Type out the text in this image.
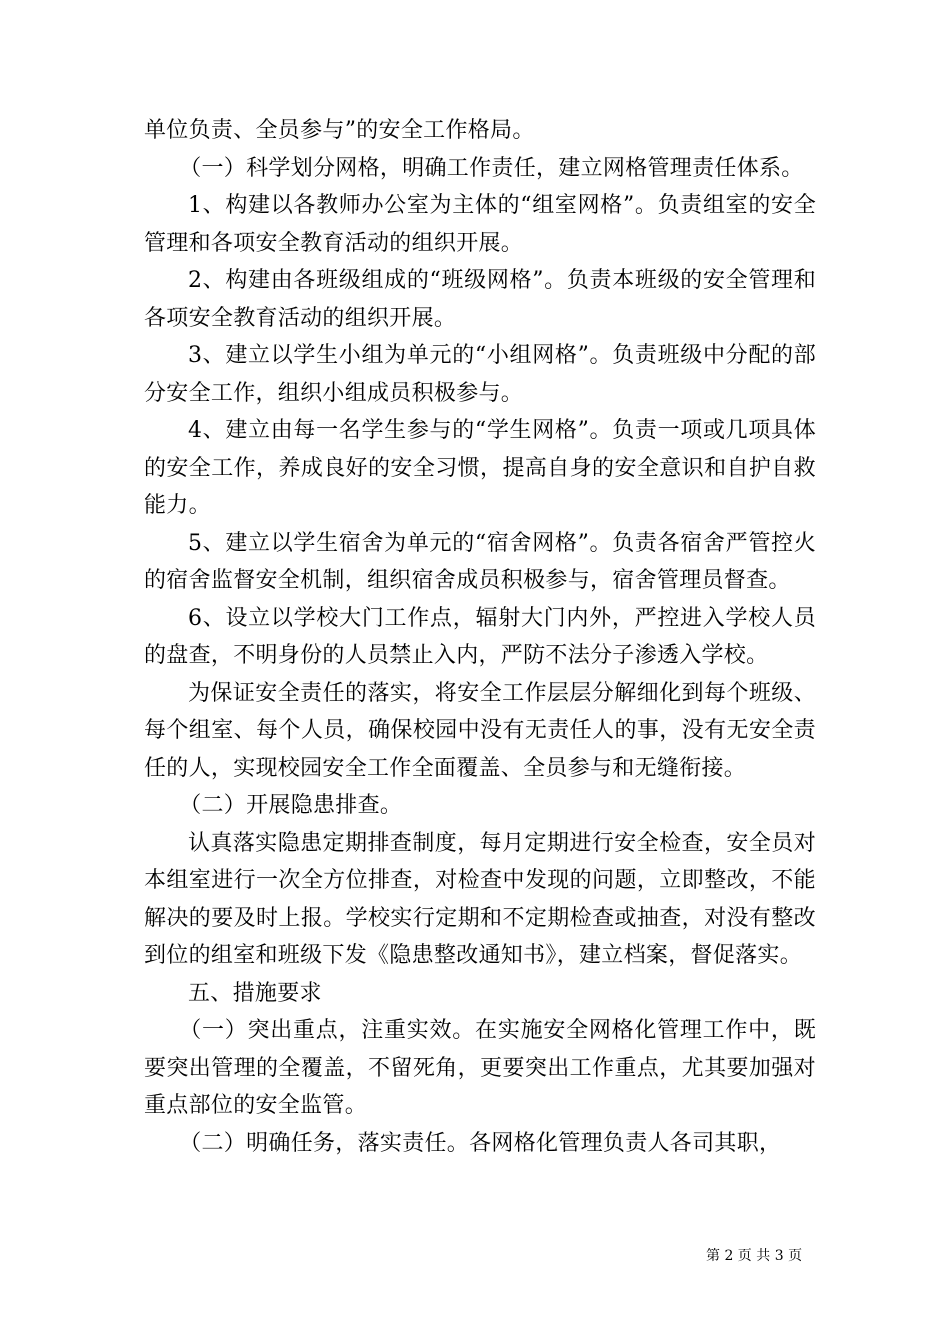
单位负责、全员参与”的安全工作格局。

（一）科学划分网格，明确工作责任，建立网格管理责任体系。

1、构建以各教师办公室为主体的“组室网格”。负责组室的安全管理和各项安全教育活动的组织开展。

2、构建由各班级组成的“班级网格”。负责本班级的安全管理和各项安全教育活动的组织开展。

3、建立以学生小组为单元的“小组网格”。负责班级中分配的部分安全工作，组织小组成员积极参与。

4、建立由每一名学生参与的“学生网格”。负责一项或几项具体的安全工作，养成良好的安全习惯，提高自身的安全意识和自护自救能力。

5、建立以学生宿舍为单元的“宿舍网格”。负责各宿舍严管控火的宿舍监督安全机制，组织宿舍成员积极参与，宿舍管理员督查。

6、设立以学校大门工作点，辐射大门内外，严控进入学校人员的盘查，不明身份的人员禁止入内，严防不法分子渗透入学校。

为保证安全责任的落实，将安全工作层层分解细化到每个班级、每个组室、每个人员，确保校园中没有无责任人的事，没有无安全责任的人，实现校园安全工作全面覆盖、全员参与和无缝衔接。

（二）开展隐患排查。

认真落实隐患定期排查制度，每月定期进行安全检查，安全员对本组室进行一次全方位排查，对检查中发现的问题，立即整改，不能解决的要及时上报。学校实行定期和不定期检查或抽查，对没有整改到位的组室和班级下发《隐患整改通知书》，建立档案，督促落实。

五、措施要求

（一）突出重点，注重实效。在实施安全网格化管理工作中，既要突出管理的全覆盖，不留死角，更要突出工作重点，尤其要加强对重点部位的安全监管。

（二）明确任务，落实责任。各网格化管理负责人各司其职，

第 2 页 共 3 页
